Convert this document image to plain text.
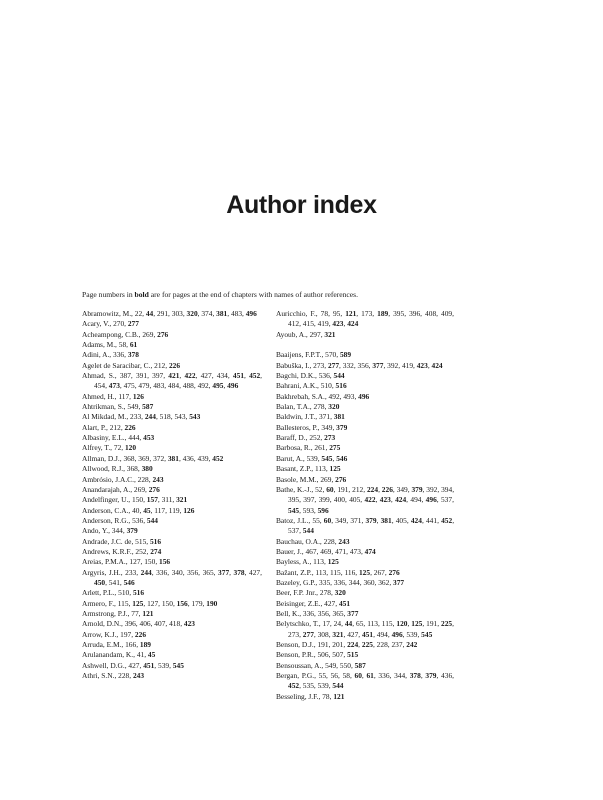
Author index
Page numbers in bold are for pages at the end of chapters with names of author references.
Abramowitz, M., 22, 44, 291, 303, 320, 374, 381, 483, 496
Acary, V., 270, 277
Acheampong, C.B., 269, 276
Adams, M., 58, 61
Adini, A., 336, 378
Agelet de Saracibar, C., 212, 226
Ahmad, S., 387, 391, 397, 421, 422, 427, 434, 451, 452, 454, 473, 475, 479, 483, 484, 488, 492, 495, 496
Ahmed, H., 117, 126
Ahtrikman, S., 549, 587
Al Mikdad, M., 233, 244, 518, 543, 543
Alart, P., 212, 226
Albasiny, E.L., 444, 453
Alfrey, T., 72, 120
Allman, D.J., 368, 369, 372, 381, 436, 439, 452
Allwood, R.J., 368, 380
Ambrósio, J.A.C., 228, 243
Anandarajah, A., 269, 276
Andelfinger, U., 150, 157, 311, 321
Anderson, C.A., 40, 45, 117, 119, 126
Anderson, R.G., 536, 544
Ando, Y., 344, 379
Andrade, J.C. de, 515, 516
Andrews, K.R.F., 252, 274
Areias, P.M.A., 127, 150, 156
Argyris, J.H., 233, 244, 336, 340, 356, 365, 377, 378, 427, 450, 541, 546
Arlett, P.L., 510, 516
Armero, F., 115, 125, 127, 150, 156, 179, 190
Armstrong, P.J., 77, 121
Arnold, D.N., 396, 406, 407, 418, 423
Arrow, K.J., 197, 226
Arruda, E.M., 166, 189
Arulanandam, K., 41, 45
Ashwell, D.G., 427, 451, 539, 545
Athri, S.N., 228, 243
Auricchio, F., 78, 95, 121, 173, 189, 395, 396, 408, 409, 412, 415, 419, 423, 424
Ayoub, A., 297, 321
Baaijens, F.P.T., 570, 589
Babuška, I., 273, 277, 332, 356, 377, 392, 419, 423, 424
Bagchi, D.K., 536, 544
Bahrani, A.K., 510, 516
Bakhrebah, S.A., 492, 493, 496
Balan, T.A., 278, 320
Baldwin, J.T., 371, 381
Ballesteros, P., 349, 379
Baraff, D., 252, 273
Barbosa, R., 261, 275
Barut, A., 539, 545, 546
Basant, Z.P., 113, 125
Basole, M.M., 269, 276
Bathe, K.-J., 52, 60, 191, 212, 224, 226, 349, 379, 392, 394, 395, 397, 399, 400, 405, 422, 423, 424, 494, 496, 537, 545, 593, 596
Batoz, J.L., 55, 60, 349, 371, 379, 381, 405, 424, 441, 452, 537, 544
Bauchau, O.A., 228, 243
Bauer, J., 467, 469, 471, 473, 474
Bayless, A., 113, 125
Bažant, Z.P., 113, 115, 116, 125, 267, 276
Bazeley, G.P., 335, 336, 344, 360, 362, 377
Beer, F.P. Jnr., 278, 320
Beisinger, Z.E., 427, 451
Bell, K., 336, 356, 365, 377
Belytschko, T., 17, 24, 44, 65, 113, 115, 120, 125, 191, 225, 273, 277, 308, 321, 427, 451, 494, 496, 539, 545
Benson, D.J., 191, 201, 224, 225, 228, 237, 242
Benson, P.R., 506, 507, 515
Bensoussan, A., 549, 550, 587
Bergan, P.G., 55, 56, 58, 60, 61, 336, 344, 378, 379, 436, 452, 535, 539, 544
Besseling, J.F., 78, 121
